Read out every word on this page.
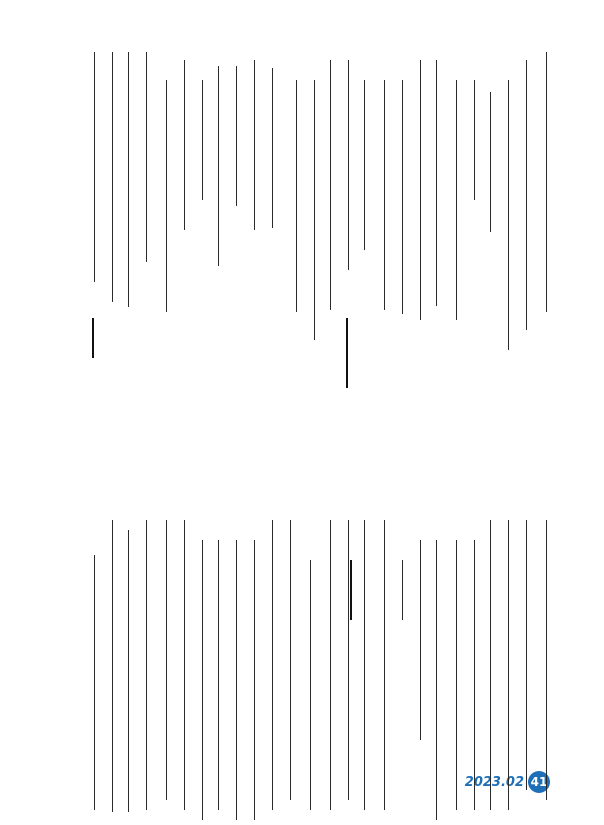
2023.02 41
